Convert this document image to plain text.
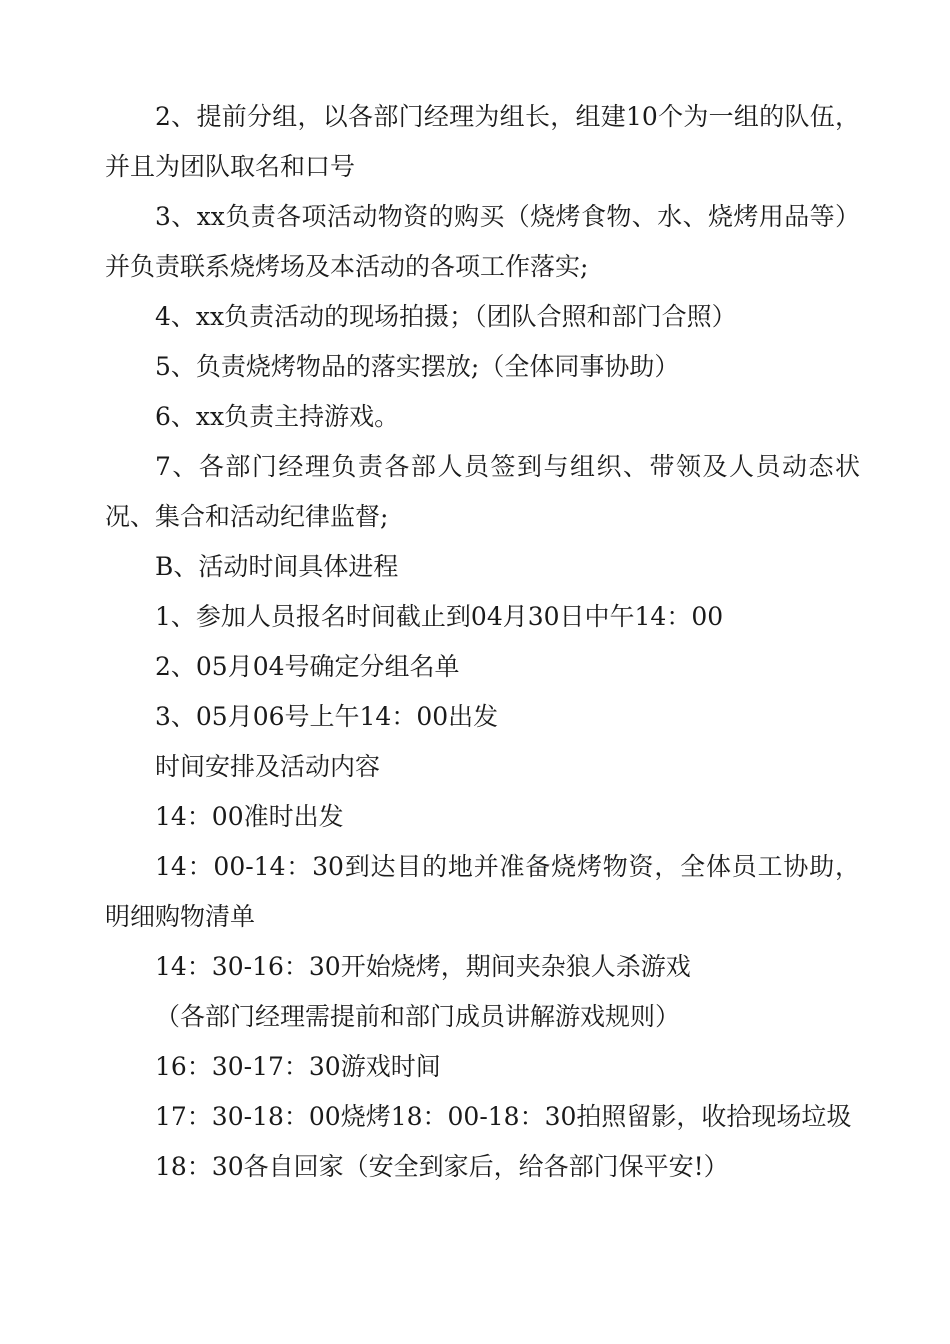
2、提前分组，以各部门经理为组长，组建10个为一组的队伍，并且为团队取名和口号

3、xx负责各项活动物资的购买（烧烤食物、水、烧烤用品等）并负责联系烧烤场及本活动的各项工作落实;

4、xx负责活动的现场拍摄；（团队合照和部门合照）

5、负责烧烤物品的落实摆放;（全体同事协助）

6、xx负责主持游戏。

7、各部门经理负责各部人员签到与组织、带领及人员动态状况、集合和活动纪律监督;

B、活动时间具体进程

1、参加人员报名时间截止到04月30日中午14：00

2、05月04号确定分组名单

3、05月06号上午14：00出发

时间安排及活动内容

14：00准时出发

14：00-14：30到达目的地并准备烧烤物资，全体员工协助，明细购物清单

14：30-16：30开始烧烤，期间夹杂狼人杀游戏

（各部门经理需提前和部门成员讲解游戏规则）

16：30-17：30游戏时间

17：30-18：00烧烤18：00-18：30拍照留影，收拾现场垃圾

18：30各自回家（安全到家后，给各部门保平安!）
